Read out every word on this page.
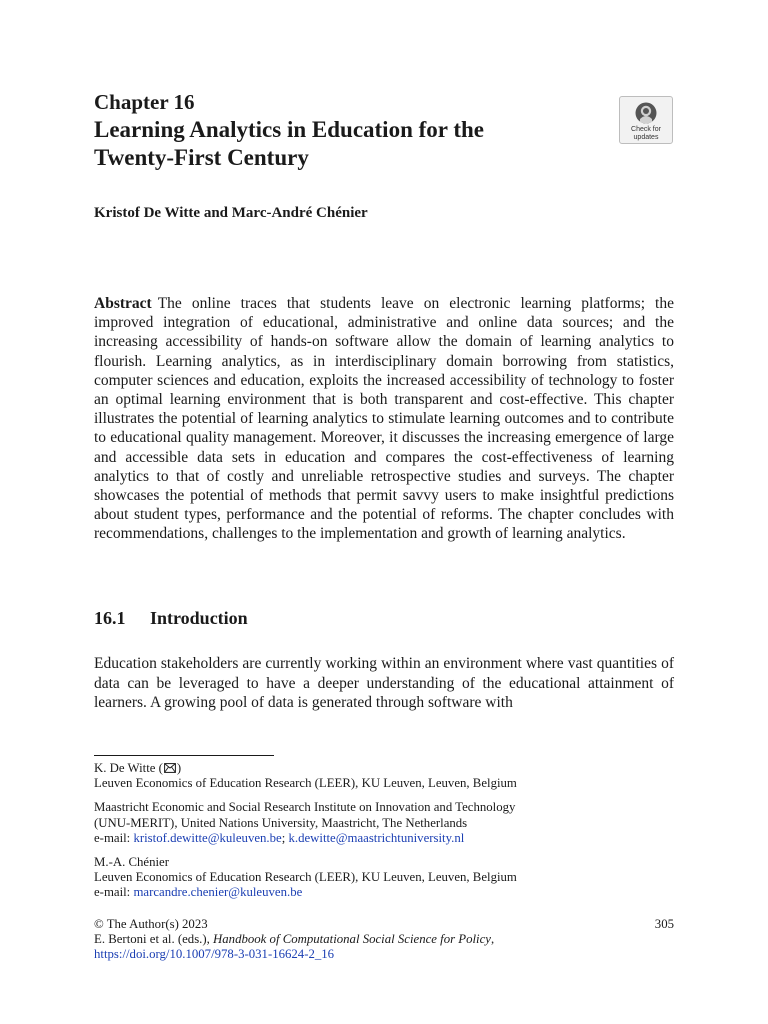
Chapter 16
Learning Analytics in Education for the
Twenty-First Century
Check for
updates
Kristof De Witte and Marc-André Chénier

Abstract The online traces that students leave on electronic learning platforms; the improved integration of educational, administrative and online data sources; and the increasing accessibility of hands-on software allow the domain of learning analytics to flourish. Learning analytics, as in interdisciplinary domain borrowing from statistics, computer sciences and education, exploits the increased accessibility of technology to foster an optimal learning environment that is both transparent and cost-effective. This chapter illustrates the potential of learning analytics to stimulate learning outcomes and to contribute to educational quality management. Moreover, it discusses the increasing emergence of large and accessible data sets in education and compares the cost-effectiveness of learning analytics to that of costly and unreliable retrospective studies and surveys. The chapter showcases the potential of methods that permit savvy users to make insightful predictions about student types, performance and the potential of reforms. The chapter concludes with recommendations, challenges to the implementation and growth of learning analytics.

16.1 Introduction

Education stakeholders are currently working within an environment where vast quantities of data can be leveraged to have a deeper understanding of the educational attainment of learners. A growing pool of data is generated through software with

K. De Witte ( )
Leuven Economics of Education Research (LEER), KU Leuven, Leuven, Belgium
Maastricht Economic and Social Research Institute on Innovation and Technology
(UNU-MERIT), United Nations University, Maastricht, The Netherlands
e-mail: kristof.dewitte@kuleuven.be; k.dewitte@maastrichtuniversity.nl
M.-A. Chénier
Leuven Economics of Education Research (LEER), KU Leuven, Leuven, Belgium
e-mail: marcandre.chenier@kuleuven.be
© The Author(s) 2023
E. Bertoni et al. (eds.), Handbook of Computational Social Science for Policy,
https://doi.org/10.1007/978-3-031-16624-2_16
305
